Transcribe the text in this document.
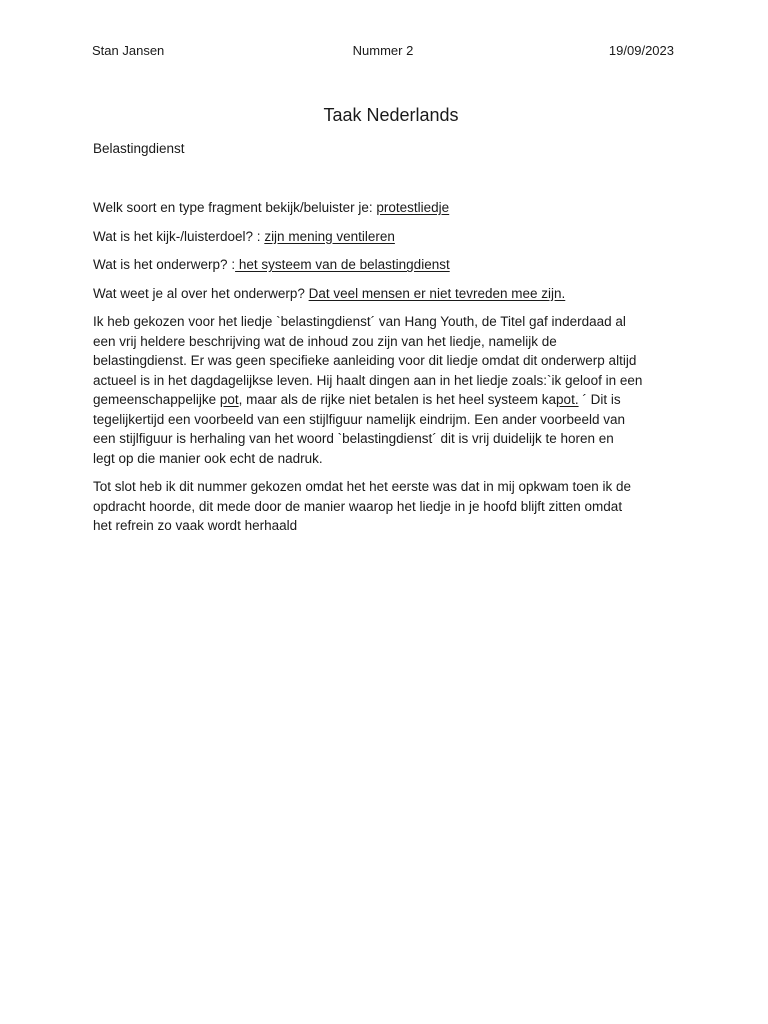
Stan Jansen	Nummer 2	19/09/2023
Taak Nederlands
Belastingdienst
Welk soort en type fragment bekijk/beluister je: protestliedje
Wat is het kijk-/luisterdoel? : zijn mening ventileren
Wat is het onderwerp? : het systeem van de belastingdienst
Wat weet je al over het onderwerp? Dat veel mensen er niet tevreden mee zijn.
Ik heb gekozen voor het liedje `belastingdienst´ van Hang Youth, de Titel gaf inderdaad al
een vrij heldere beschrijving wat de inhoud zou zijn van het liedje, namelijk de
belastingdienst. Er was geen specifieke aanleiding voor dit liedje omdat dit onderwerp altijd
actueel is in het dagdagelijkse leven. Hij haalt dingen aan in het liedje zoals:`ik geloof in een
gemeenschappelijke pot, maar als de rijke niet betalen is het heel systeem kapot. ´ Dit is
tegelijkertijd een voorbeeld van een stijlfiguur namelijk eindrijm. Een ander voorbeeld van
een stijlfiguur is herhaling van het woord `belastingdienst´ dit is vrij duidelijk te horen en
legt op die manier ook echt de nadruk.
Tot slot heb ik dit nummer gekozen omdat het het eerste was dat in mij opkwam toen ik de
opdracht hoorde, dit mede door de manier waarop het liedje in je hoofd blijft zitten omdat
het refrein zo vaak wordt herhaald
